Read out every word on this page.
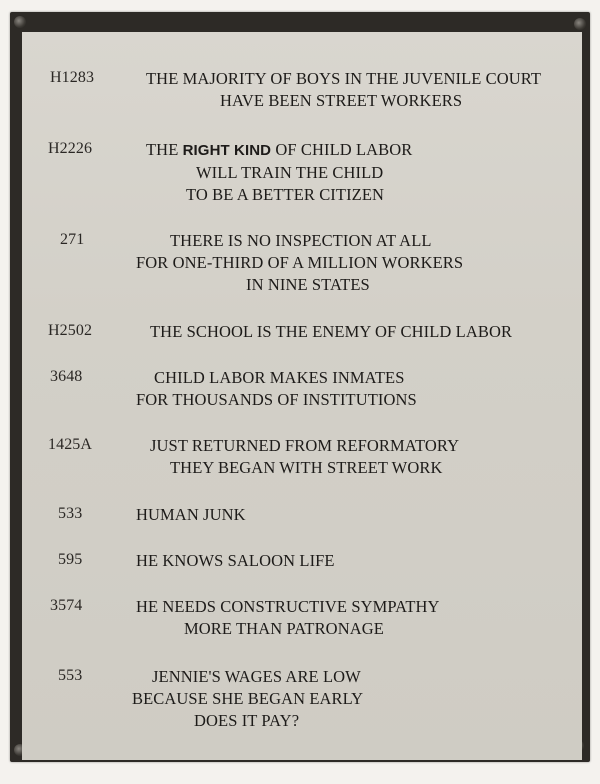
H1283	THE MAJORITY OF BOYS IN THE JUVENILE COURT
HAVE BEEN STREET WORKERS
H2226	THE RIGHT KIND OF CHILD LABOR
WILL TRAIN THE CHILD
TO BE A BETTER CITIZEN
271	THERE IS NO INSPECTION AT ALL
FOR ONE-THIRD OF A MILLION WORKERS
IN NINE STATES
H2502	THE SCHOOL IS THE ENEMY OF CHILD LABOR
3648	CHILD LABOR MAKES INMATES
FOR THOUSANDS OF INSTITUTIONS
1425A	JUST RETURNED FROM REFORMATORY
THEY BEGAN WITH STREET WORK
533	HUMAN JUNK
595	HE KNOWS SALOON LIFE
3574	HE NEEDS CONSTRUCTIVE SYMPATHY
MORE THAN PATRONAGE
553	JENNIE'S WAGES ARE LOW
BECAUSE SHE BEGAN EARLY
DOES IT PAY?
